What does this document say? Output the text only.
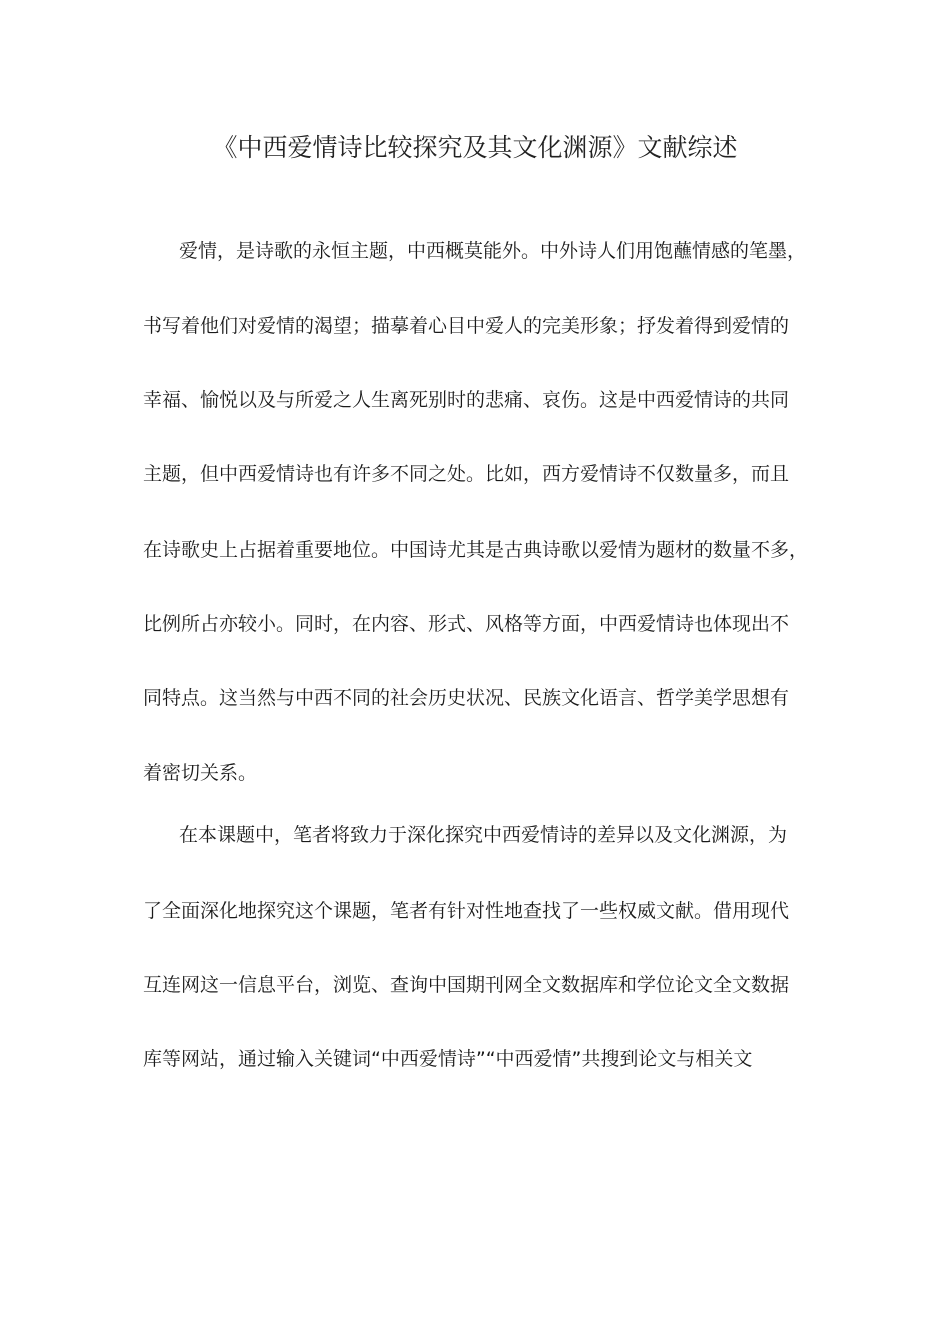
《中西爱情诗比较探究及其文化渊源》文献综述

爱情，是诗歌的永恒主题，中西概莫能外。中外诗人们用饱蘸情感的笔墨，

书写着他们对爱情的渴望；描摹着心目中爱人的完美形象；抒发着得到爱情的

幸福、愉悦以及与所爱之人生离死别时的悲痛、哀伤。这是中西爱情诗的共同

主题，但中西爱情诗也有许多不同之处。比如，西方爱情诗不仅数量多，而且

在诗歌史上占据着重要地位。中国诗尤其是古典诗歌以爱情为题材的数量不多，

比例所占亦较小。同时，在内容、形式、风格等方面，中西爱情诗也体现出不

同特点。这当然与中西不同的社会历史状况、民族文化语言、哲学美学思想有

着密切关系。

在本课题中，笔者将致力于深化探究中西爱情诗的差异以及文化渊源，为

了全面深化地探究这个课题，笔者有针对性地查找了一些权威文献。借用现代

互连网这一信息平台，浏览、查询中国期刊网全文数据库和学位论文全文数据

库等网站，通过输入关键词“中西爱情诗”“中西爱情”共搜到论文与相关文
